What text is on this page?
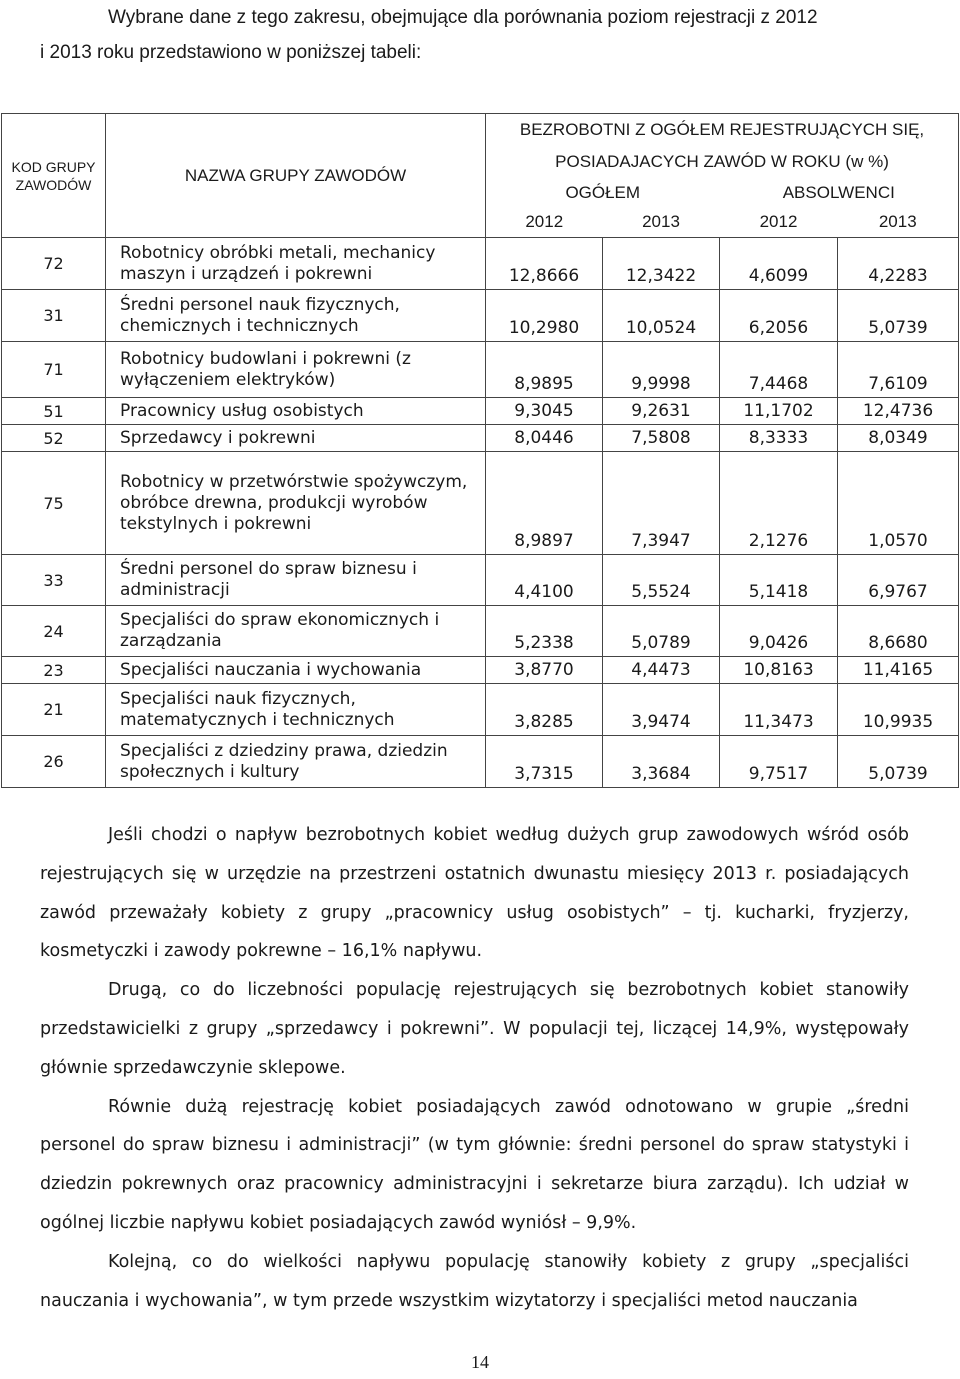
Wybrane dane z tego zakresu, obejmujące dla porównania poziom rejestracji z 2012
i 2013 roku przedstawiono w poniższej tabeli:
KOD GRUPY ZAWODÓW	NAZWA GRUPY ZAWODÓW	BEZROBOTNI Z OGÓŁEM REJESTRUJĄCYCH SIĘ,			
		POSIADAJACYCH ZAWÓD W ROKU (w %)			
		OGÓŁEM		ABSOLWENCI	
		2012	2013	2012	2013
72	Robotnicy obróbki metali, mechanicy maszyn i urządzeń i pokrewni	12,8666	12,3422	4,6099	4,2283
31	Średni personel nauk fizycznych, chemicznych i technicznych	10,2980	10,0524	6,2056	5,0739
71	Robotnicy budowlani i pokrewni (z wyłączeniem elektryków)	8,9895	9,9998	7,4468	7,6109
51	Pracownicy usług osobistych	9,3045	9,2631	11,1702	12,4736
52	Sprzedawcy i pokrewni	8,0446	7,5808	8,3333	8,0349
75	Robotnicy w przetwórstwie spożywczym, obróbce drewna, produkcji wyrobów tekstylnych i pokrewni	8,9897	7,3947	2,1276	1,0570
33	Średni personel do spraw biznesu i administracji	4,4100	5,5524	5,1418	6,9767
24	Specjaliści do spraw ekonomicznych i zarządzania	5,2338	5,0789	9,0426	8,6680
23	Specjaliści nauczania i wychowania	3,8770	4,4473	10,8163	11,4165
21	Specjaliści nauk fizycznych, matematycznych i technicznych	3,8285	3,9474	11,3473	10,9935
26	Specjaliści z dziedziny prawa, dziedzin społecznych i kultury	3,7315	3,3684	9,7517	5,0739

Jeśli chodzi o napływ bezrobotnych kobiet według dużych grup zawodowych wśród osób rejestrujących się w urzędzie na przestrzeni ostatnich dwunastu miesięcy 2013 r. posiadających zawód przeważały kobiety z grupy „pracownicy usług osobistych” – tj. kucharki, fryzjerzy, kosmetyczki i zawody pokrewne – 16,1% napływu.

Drugą, co do liczebności populację rejestrujących się bezrobotnych kobiet stanowiły przedstawicielki z grupy „sprzedawcy i pokrewni”. W populacji tej, liczącej 14,9%, występowały głównie sprzedawczynie sklepowe.

Równie dużą rejestrację kobiet posiadających zawód odnotowano w grupie „średni personel do spraw biznesu i administracji” (w tym głównie: średni personel do spraw statystyki i dziedzin pokrewnych oraz pracownicy administracyjni i sekretarze biura zarządu). Ich udział w ogólnej liczbie napływu kobiet posiadających zawód wyniósł – 9,9%.

Kolejną, co do wielkości napływu populację stanowiły kobiety z grupy „specjaliści nauczania i wychowania”, w tym przede wszystkim wizytatorzy i specjaliści metod nauczania

14
